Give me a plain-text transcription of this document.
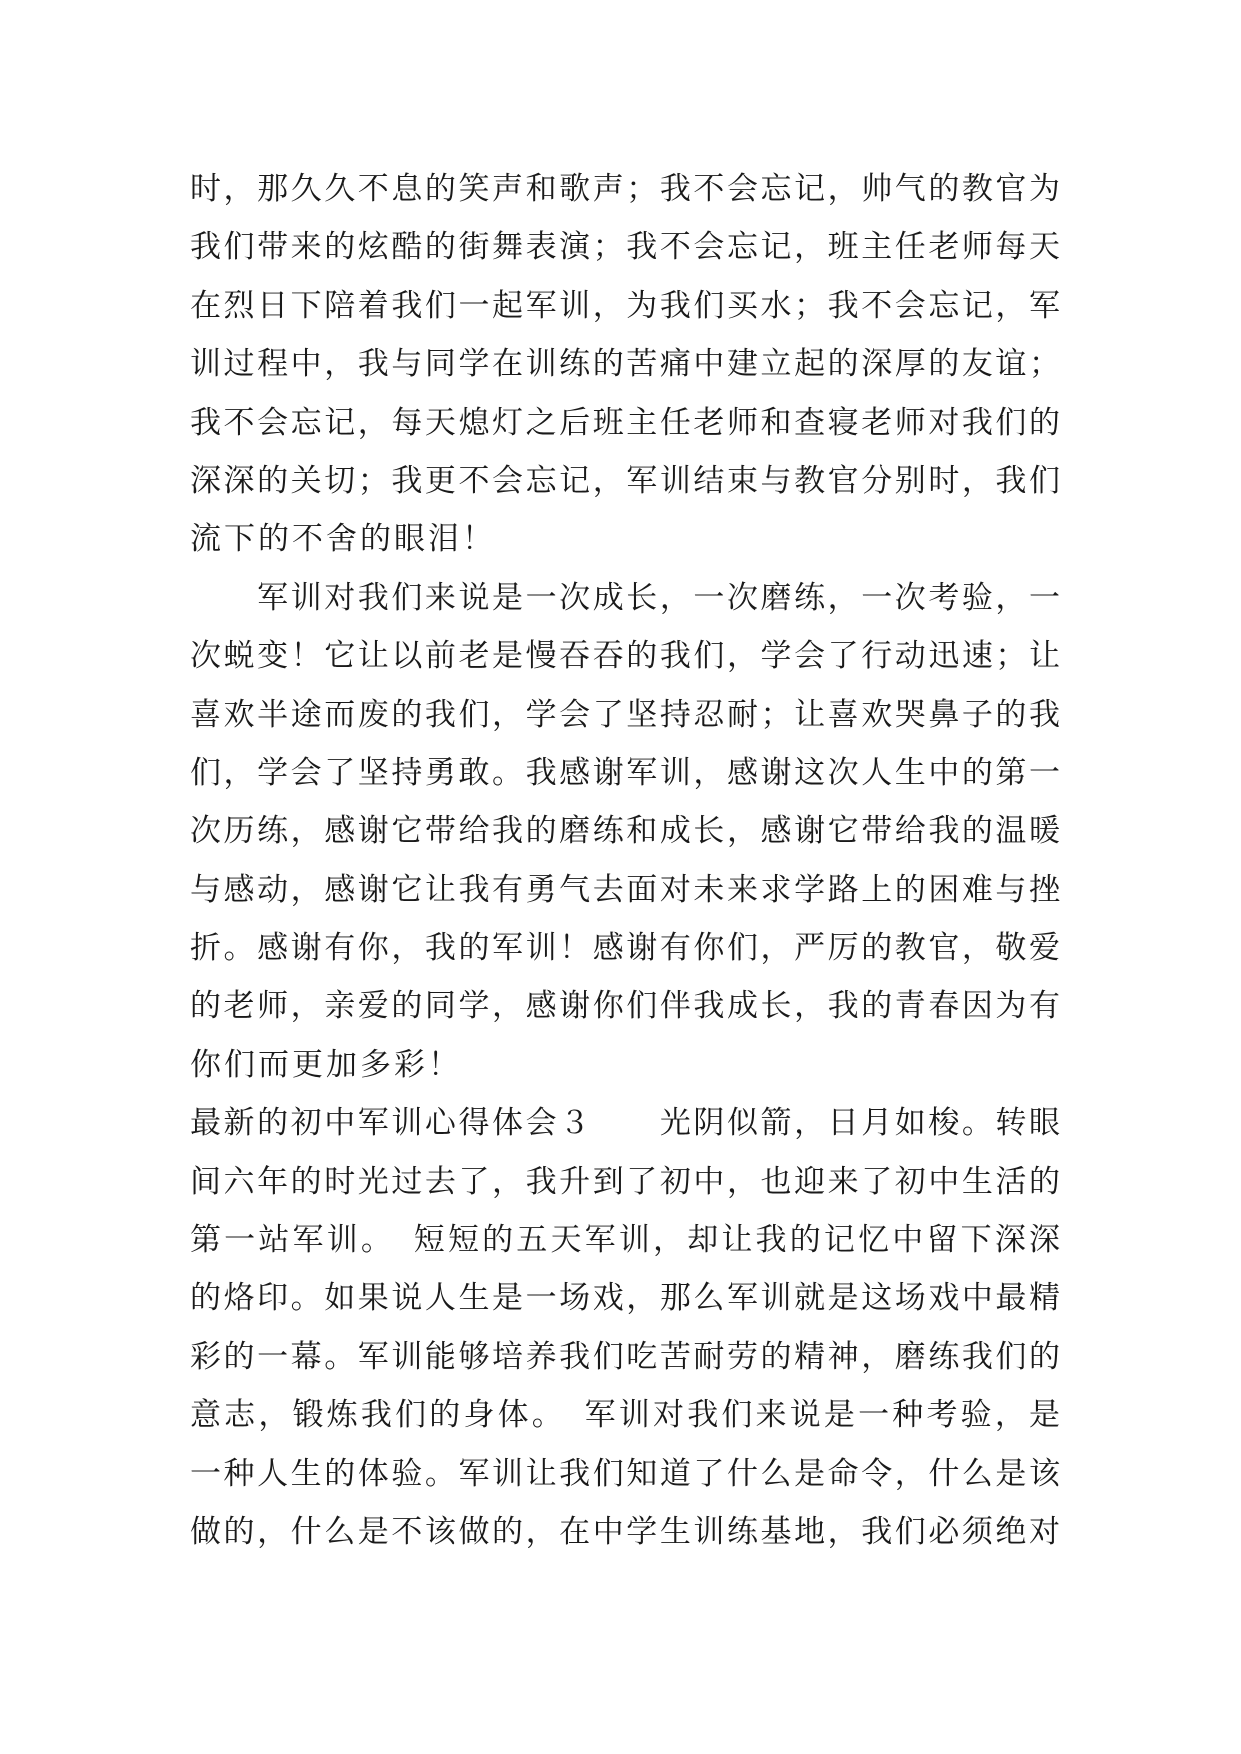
时，那久久不息的笑声和歌声；我不会忘记，帅气的教官为
我们带来的炫酷的街舞表演；我不会忘记，班主任老师每天
在烈日下陪着我们一起军训，为我们买水；我不会忘记，军
训过程中，我与同学在训练的苦痛中建立起的深厚的友谊；
我不会忘记，每天熄灯之后班主任老师和查寝老师对我们的
深深的关切；我更不会忘记，军训结束与教官分别时，我们
流下的不舍的眼泪！
　　军训对我们来说是一次成长，一次磨练，一次考验，一
次蜕变！它让以前老是慢吞吞的我们，学会了行动迅速；让
喜欢半途而废的我们，学会了坚持忍耐；让喜欢哭鼻子的我
们，学会了坚持勇敢。我感谢军训，感谢这次人生中的第一
次历练，感谢它带给我的磨练和成长，感谢它带给我的温暖
与感动，感谢它让我有勇气去面对未来求学路上的困难与挫
折。感谢有你，我的军训！感谢有你们，严厉的教官，敬爱
的老师，亲爱的同学，感谢你们伴我成长，我的青春因为有
你们而更加多彩！
最新的初中军训心得体会３　　光阴似箭，日月如梭。转眼
间六年的时光过去了，我升到了初中，也迎来了初中生活的
第一站军训。　短短的五天军训，却让我的记忆中留下深深
的烙印。如果说人生是一场戏，那么军训就是这场戏中最精
彩的一幕。军训能够培养我们吃苦耐劳的精神，磨练我们的
意志，锻炼我们的身体。　军训对我们来说是一种考验，是
一种人生的体验。军训让我们知道了什么是命令，什么是该
做的，什么是不该做的，在中学生训练基地，我们必须绝对
